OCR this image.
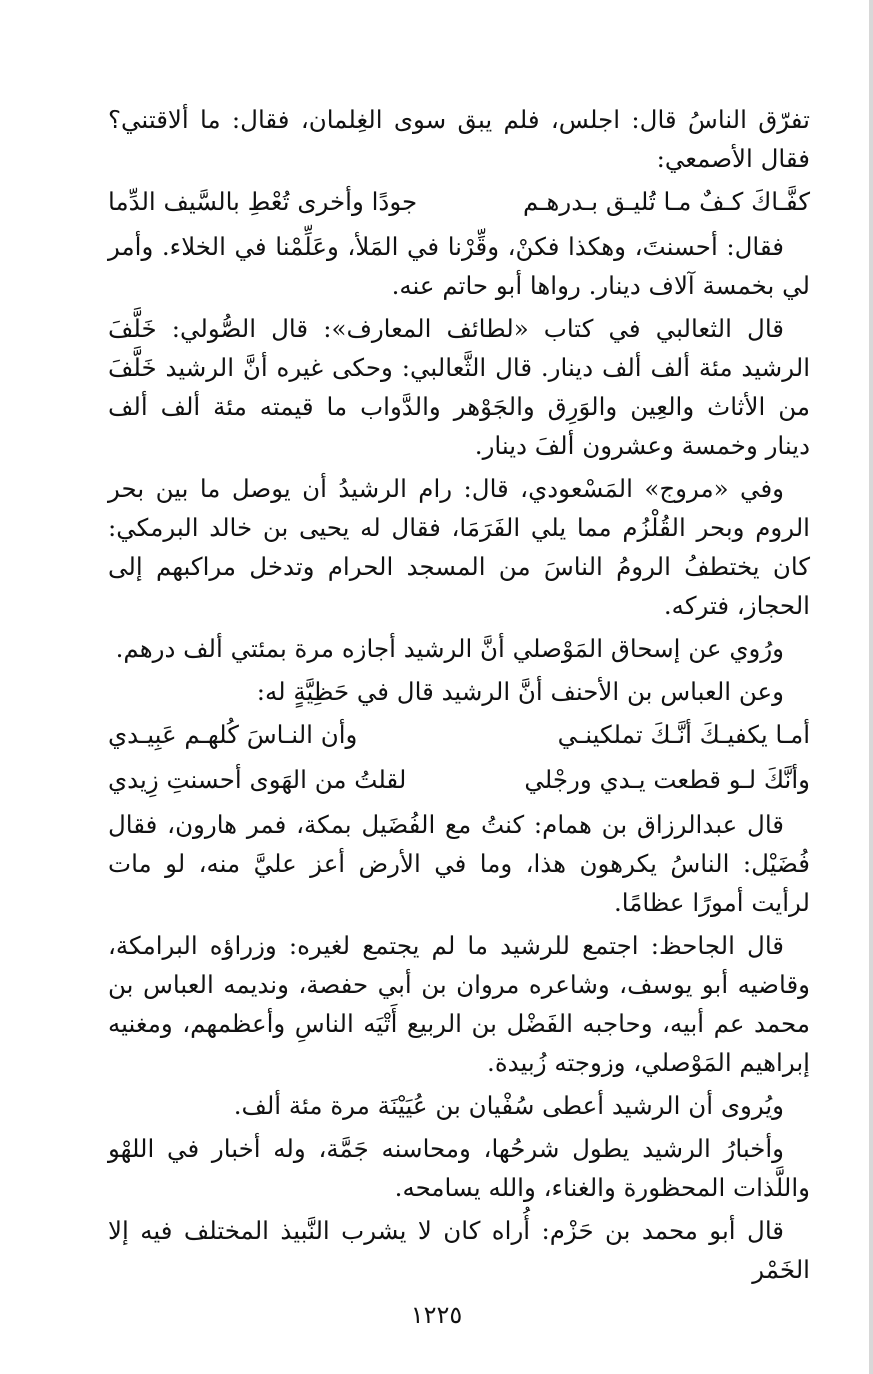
تفرّق الناسُ قال: اجلس، فلم يبق سوى الغِلمان، فقال: ما ألاقتني؟ فقال الأصمعي:

كفَّـاكَ كـفٌ مـا تُليـق بـدرهـم
جودًا وأخرى تُعْطِ بالسَّيف الدِّما

فقال: أحسنتَ، وهكذا فكنْ، وقِّرْنا في المَلأ، وعَلِّمْنا في الخلاء. وأمر لي بخمسة آلاف دينار. رواها أبو حاتم عنه.

قال الثعالبي في كتاب «لطائف المعارف»: قال الصُّولي: خَلَّفَ الرشيد مئة ألف ألف دينار. قال الثَّعالبي: وحكى غيره أنَّ الرشيد خَلَّفَ من الأثاث والعِين والوَرِق والجَوْهر والدَّواب ما قيمته مئة ألف ألف دينار وخمسة وعشرون ألفَ دينار.

وفي «مروج» المَسْعودي، قال: رام الرشيدُ أن يوصل ما بين بحر الروم وبحر القُلْزُم مما يلي الفَرَمَا، فقال له يحيى بن خالد البرمكي: كان يختطفُ الرومُ الناسَ من المسجد الحرام وتدخل مراكبهم إلى الحجاز، فتركه.

ورُوي عن إسحاق المَوْصلي أنَّ الرشيد أجازه مرة بمئتي ألف درهم.

وعن العباس بن الأحنف أنَّ الرشيد قال في حَظِيَّةٍ له:

أمـا يكفيـكَ أنَّـكَ تملكينـي
وأن النـاسَ كُلهـم عَبِيـدي
وأنَّكَ لـو قطعت يـدي ورجْلي
لقلتُ من الهَوى أحسنتِ زِيدي

قال عبدالرزاق بن همام: كنتُ مع الفُضَيل بمكة، فمر هارون، فقال فُضَيْل: الناسُ يكرهون هذا، وما في الأرض أعز عليَّ منه، لو مات لرأيت أمورًا عظامًا.

قال الجاحظ: اجتمع للرشيد ما لم يجتمع لغيره: وزراؤه البرامكة، وقاضيه أبو يوسف، وشاعره مروان بن أبي حفصة، ونديمه العباس بن محمد عم أبيه، وحاجبه الفَضْل بن الربيع أَتْيَه الناسِ وأعظمهم، ومغنيه إبراهيم المَوْصلي، وزوجته زُبيدة.

ويُروى أن الرشيد أعطى سُفْيان بن عُيَيْنَة مرة مئة ألف.

وأخبارُ الرشيد يطول شرحُها، ومحاسنه جَمَّة، وله أخبار في اللهْو واللَّذات المحظورة والغناء، والله يسامحه.

قال أبو محمد بن حَزْم: أُراه كان لا يشرب النَّبيذ المختلف فيه إلا الخَمْر

١٢٢٥
